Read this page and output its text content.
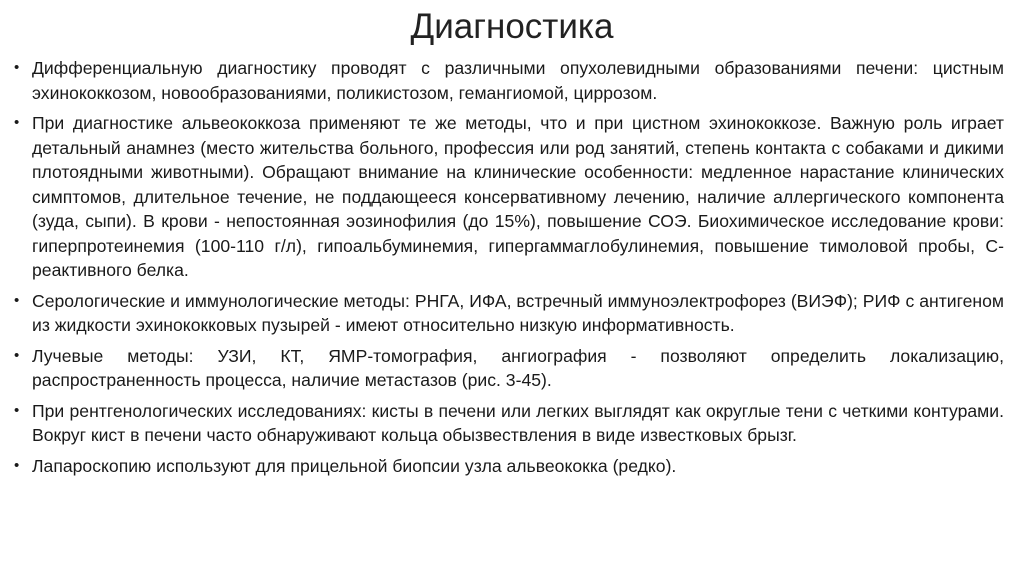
Диагностика
• Дифференциальную диагностику проводят с различными опухолевидными образованиями печени: цистным эхинококкозом, новообразованиями, поликистозом, гемангиомой, циррозом.
• При диагностике альвеококкоза применяют те же методы, что и при цистном эхинококкозе. Важную роль играет детальный анамнез (место жительства больного, профессия или род занятий, степень контакта с собаками и дикими плотоядными животными). Обращают внимание на клинические особенности: медленное нарастание клинических симптомов, длительное течение, не поддающееся консервативному лечению, наличие аллергического компонента (зуда, сыпи). В крови - непостоянная эозинофилия (до 15%), повышение СОЭ. Биохимическое исследование крови: гиперпротеинемия (100-110 г/л), гипоальбуминемия, гипергаммаглобулинемия, повышение тимоловой пробы, С-реактивного белка.
• Серологические и иммунологические методы: РНГА, ИФА, встречный иммуноэлектрофорез (ВИЭФ); РИФ с антигеном из жидкости эхинококковых пузырей - имеют относительно низкую информативность.
• Лучевые методы: УЗИ, КТ, ЯМР-томография, ангиография - позволяют определить локализацию, распространенность процесса, наличие метастазов (рис. 3-45).
• При рентгенологических исследованиях: кисты в печени или легких выглядят как округлые тени с четкими контурами. Вокруг кист в печени часто обнаруживают кольца обызвествления в виде известковых брызг.
• Лапароскопию используют для прицельной биопсии узла альвеококка (редко).
